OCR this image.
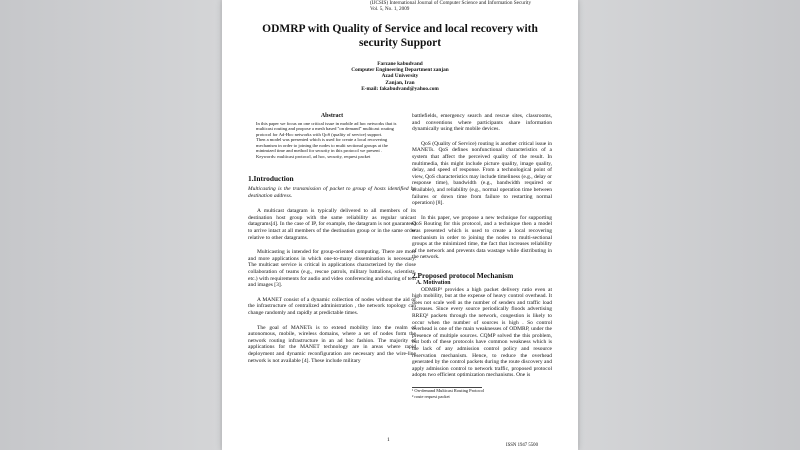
(IJCSIS) International Journal of Computer Science and Information Security
Vol. 5, No. 1, 2009
ODMRP with Quality of Service and local recovery with
security Support
Farzane kabudvand
Computer Engineering Department zanjan
Azad University
Zanjan, Iran
E-mail: fakabudvand@yahoo.com
Abstract

In this paper we focus on one critical issue in mobile ad hoc networks that is multicast routing and propose a mesh based "on demand" multicast routing protocol for Ad-Hoc networks with QoS (quality of service) support.

Then a model was presented which is used for create a local recovering mechanism in order to joining the nodes to multi sectional groups at the minimized time and method for security in this protocol we present .

Keywords: multicast protocol, ad hoc, security, request packet

1.Introduction

Multicasting is the transmission of packet to group of hosts identified by destination address.

A multicast datagram is typically delivered to all members of its destination host group with the same reliability as regular unicast datagrams[4]. In the case of IP, for example, the datagram is not guaranteed to arrive intact at all members of the destination group or in the same order relative to other datagrams.

Multicasting is intended for group-oriented computing. There are more and more applications in which one-to-many dissemination is necessary. The multicast service is critical in applications characterized by the close collaboration of teams (e.g., rescue patrols, military battalions, scientists, etc.) with requirements for audio and video conferencing and sharing of text and images [3].

A MANET consist of a dynamic collection of nodes without the aid of the infrastructure of centralized administration , the network topology can change randomly and rapidly at predictable times.

The goal of MANETs is to extend mobility into the realm of autonomous, mobile, wireless domains, where a set of nodes form the network routing infrastructure in an ad hoc fashion. The majority of applications for the MANET technology are in areas where rapid deployment and dynamic reconfiguration are necessary and the wire-line network is not available [4]. These include military

battlefields, emergency search and rescue sites, classrooms, and conventions where participants share information dynamically using their mobile devices.

QoS (Quality of Service) routing is another critical issue in MANETs. QoS defines nonfunctional characteristics of a system that affect the perceived quality of the result. In multimedia, this might include picture quality, image quality, delay, and speed of response. From a technological point of view, QoS characteristics may include timeliness (e.g., delay or response time), bandwidth (e.g., bandwidth required or available), and reliability (e.g., normal operation time between failures or down time from failure to restarting normal operation) [8].

In this paper, we propose a new technique for supporting QoS Routing for this protocol, and a technique then a model was presented which is used to create a local recovering mechanism in order to joining the nodes to multi-sectional groups at the minimized time, the fact that increases reliability of the network and prevents data wastage while distributing in the network.

2.Proposed protocol Mechanism
A. Motivation

ODMRP¹ provides a high packet delivery ratio even at high mobility, but at the expense of heavy control overhead. It does not scale well as the number of senders and traffic load increases. Since every source periodically floods advertising RREQ² packets through the network, congestion is likely to occur when the number of sources is high . So control overhead is one of the main weaknesses of ODMRP, under the presence of multiple sources. CQMP solved the this problem, but both of these protocols have common weakness which is the lack of any admission control policy and resource reservation mechanism. Hence, to reduce the overhead generated by the control packets during the route discovery and apply admission control to network traffic, proposed protocol adopts two efficient optimization mechanisms. One is

¹ On-demand Multicast Routing Protocol
² route request packet
1
ISSN 1947 5500
